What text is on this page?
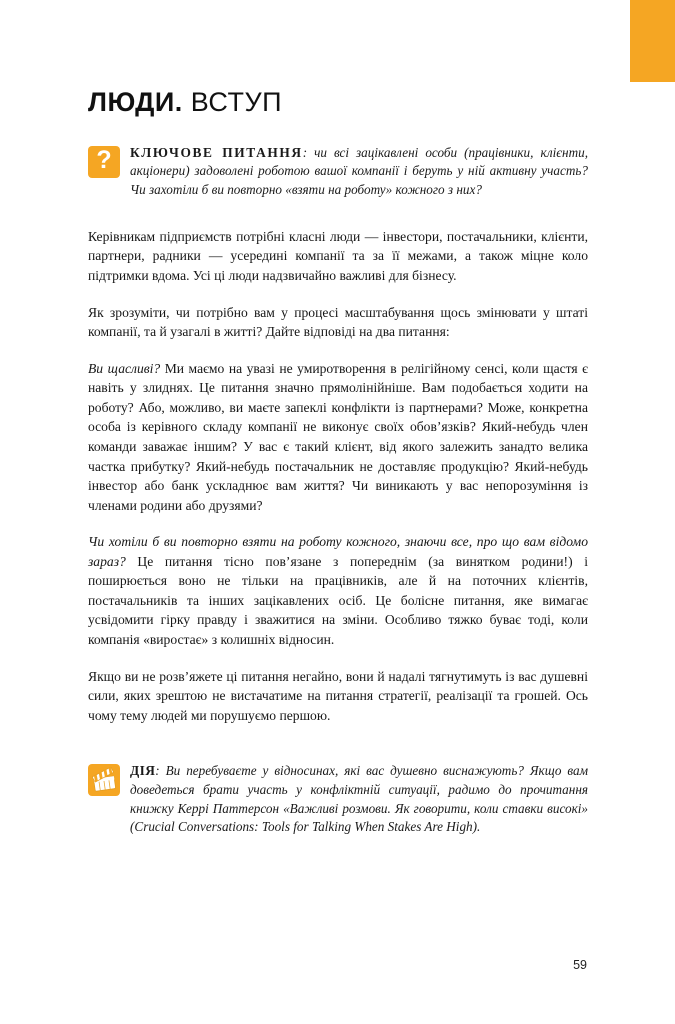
ЛЮДИ. ВСТУП
?	КЛЮЧОВЕ ПИТАННЯ: чи всі зацікавлені особи (працівники, клієнти, акціонери) задоволені роботою вашої компанії і беруть у ній активну участь? Чи захотіли б ви повторно «взяти на роботу» кожного з них?

Керівникам підприємств потрібні класні люди — інвестори, постачальники, клієнти, партнери, радники — усередині компанії та за її межами, а також міцне коло підтримки вдома. Усі ці люди надзвичайно важливі для бізнесу.

Як зрозуміти, чи потрібно вам у процесі масштабування щось змінювати у штаті компанії, та й узагалі в житті? Дайте відповіді на два питання:

Ви щасливі? Ми маємо на увазі не умиротворення в релігійному сенсі, коли щастя є навіть у злиднях. Це питання значно прямолінійніше. Вам подобається ходити на роботу? Або, можливо, ви маєте запеклі конфлікти із партнерами? Може, конкретна особа із керівного складу компанії не виконує своїх обов’язків? Який-небудь член команди заважає іншим? У вас є такий клієнт, від якого залежить занадто велика частка прибутку? Який-небудь постачальник не доставляє продукцію? Який-небудь інвестор або банк ускладнює вам життя? Чи виникають у вас непорозуміння із членами родини або друзями?

Чи хотіли б ви повторно взяти на роботу кожного, знаючи все, про що вам відомо зараз? Це питання тісно пов’язане з попереднім (за винятком родини!) і поширюється воно не тільки на працівників, але й на поточних клієнтів, постачальників та інших зацікавлених осіб. Це болісне питання, яке вимагає усвідомити гірку правду і зважитися на зміни. Особливо тяжко буває тоді, коли компанія «виростає» з колишніх відносин.

Якщо ви не розв’яжете ці питання негайно, вони й надалі тягнутимуть із вас душевні сили, яких зрештою не вистачатиме на питання стратегії, реалізації та грошей. Ось чому тему людей ми порушуємо першою.

ДІЯ: Ви перебуваєте у відносинах, які вас душевно виснажують? Якщо вам доведеться брати участь у конфліктній ситуації, радимо до прочитання книжку Керрі Паттерсон «Важливі розмови. Як говорити, коли ставки високі» (Crucial Conversations: Tools for Talking When Stakes Are High).

59
